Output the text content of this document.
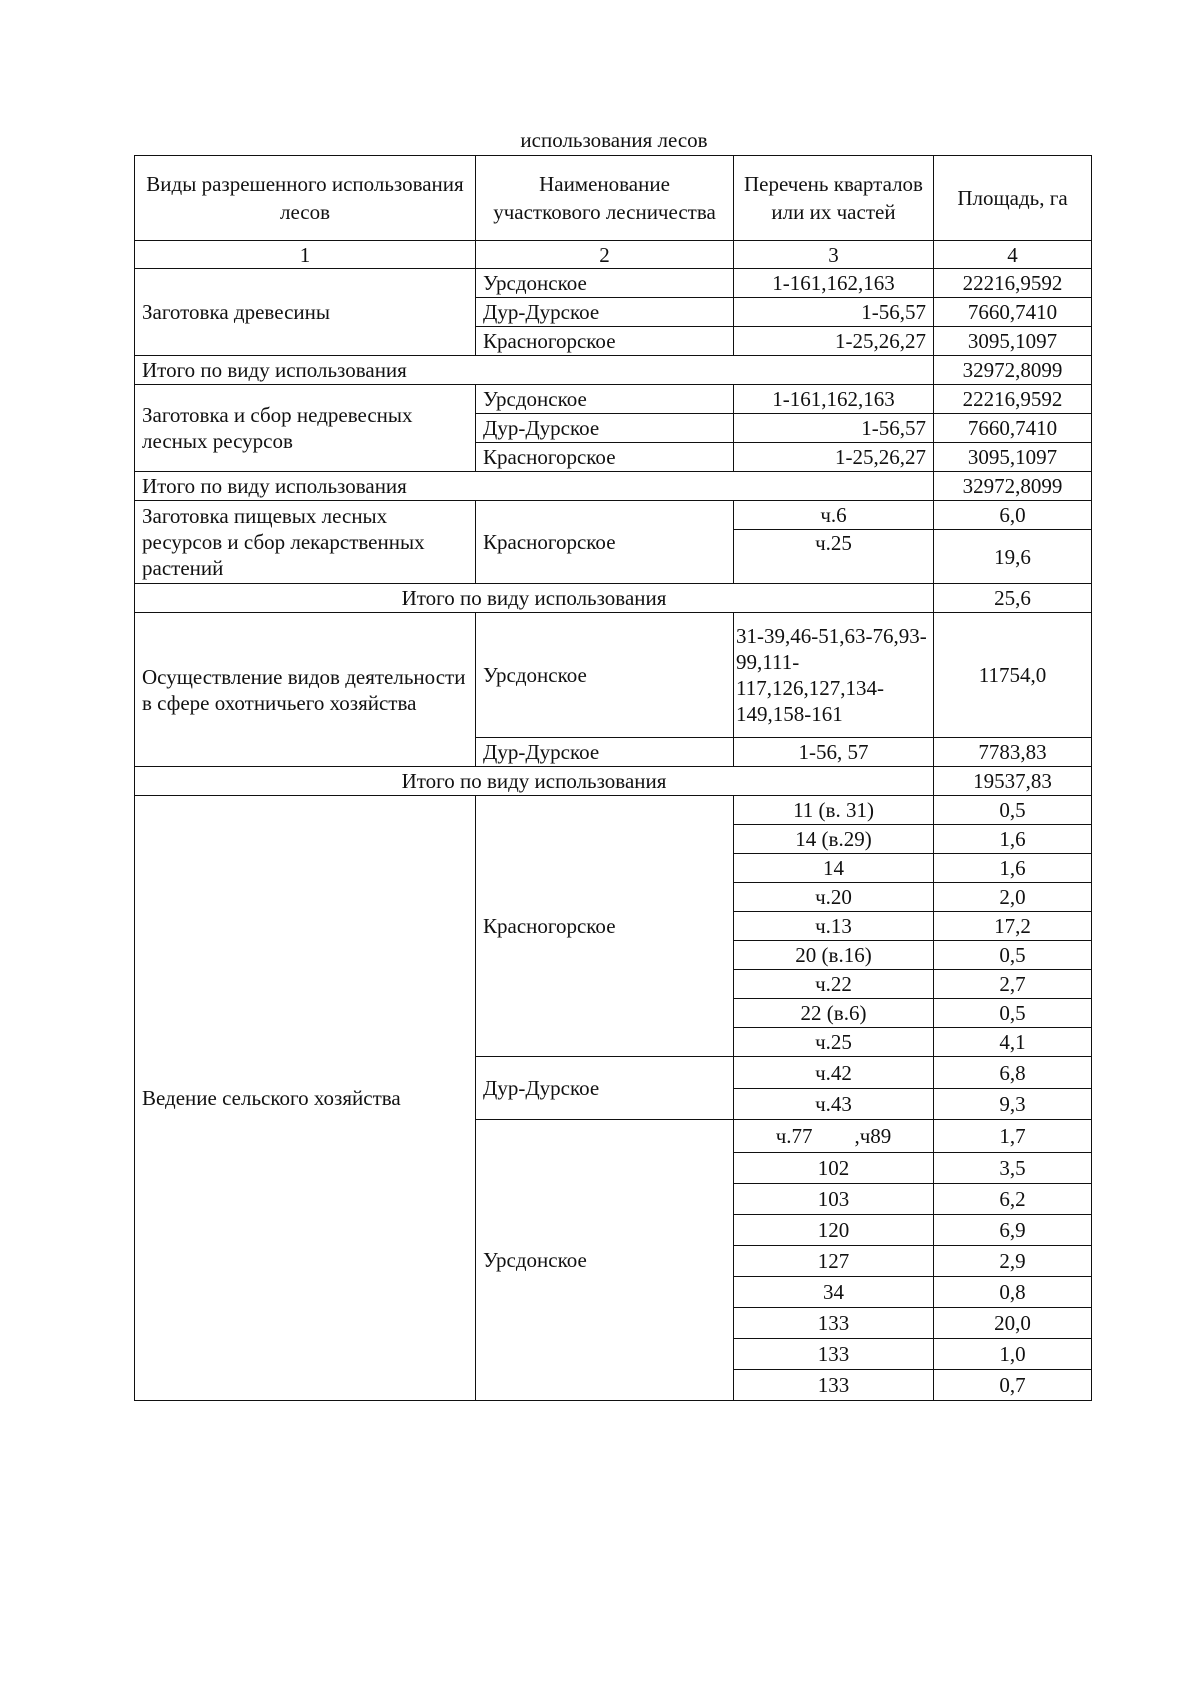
использования лесов
Виды разрешенного использования лесов	Наименование участкового лесничества	Перечень кварталов или их частей	Площадь, га
1	2	3	4
Заготовка древесины	Урсдонское	1-161,162,163	22216,9592
	Дур-Дурское	1-56,57	7660,7410
	Красногорское	1-25,26,27	3095,1097
Итого по виду использования			32972,8099
Заготовка и сбор недревесных лесных ресурсов	Урсдонское	1-161,162,163	22216,9592
	Дур-Дурское	1-56,57	7660,7410
	Красногорское	1-25,26,27	3095,1097
Итого по виду использования			32972,8099
Заготовка пищевых лесных ресурсов и сбор лекарственных растений	Красногорское	ч.6	6,0
		ч.25	19,6
Итого по виду использования			25,6
Осуществление видов деятельности в сфере охотничьего хозяйства	Урсдонское	31-39,46-51,63-76,93-99,111-117,126,127,134-149,158-161	11754,0
	Дур-Дурское	1-56, 57	7783,83
Итого по виду использования			19537,83
Ведение сельского хозяйства	Красногорское	11 (в. 31)	0,5
		14 (в.29)	1,6
		14	1,6
		ч.20	2,0
		ч.13	17,2
		20 (в.16)	0,5
		ч.22	2,7
		22 (в.6)	0,5
		ч.25	4,1
	Дур-Дурское	ч.42	6,8
		ч.43	9,3
	Урсдонское	ч.77        ,ч89	1,7
		102	3,5
		103	6,2
		120	6,9
		127	2,9
		34	0,8
		133	20,0
		133	1,0
		133	0,7
